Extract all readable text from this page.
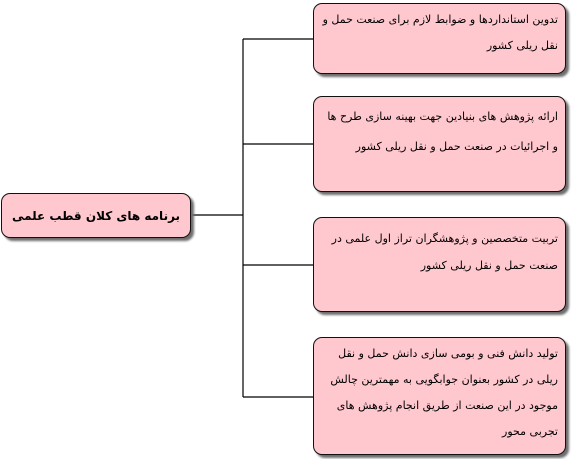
برنامه های کلان قطب علمی
تدوین استانداردها و ضوابط لازم برای صنعت حمل و نقل ریلی کشور
ارائه پژوهش های بنیادین جهت بهینه سازی طرح ها و اجرائیات در صنعت حمل و نقل ریلی کشور
تربیت متخصصین و پژوهشگران تراز اول علمی در صنعت حمل و نقل ریلی کشور
تولید دانش فنی و بومی سازی دانش حمل و نقل ریلی در کشور بعنوان جوابگویی به مهمترین چالش موجود در این صنعت از طریق انجام پژوهش های تجربی محور
